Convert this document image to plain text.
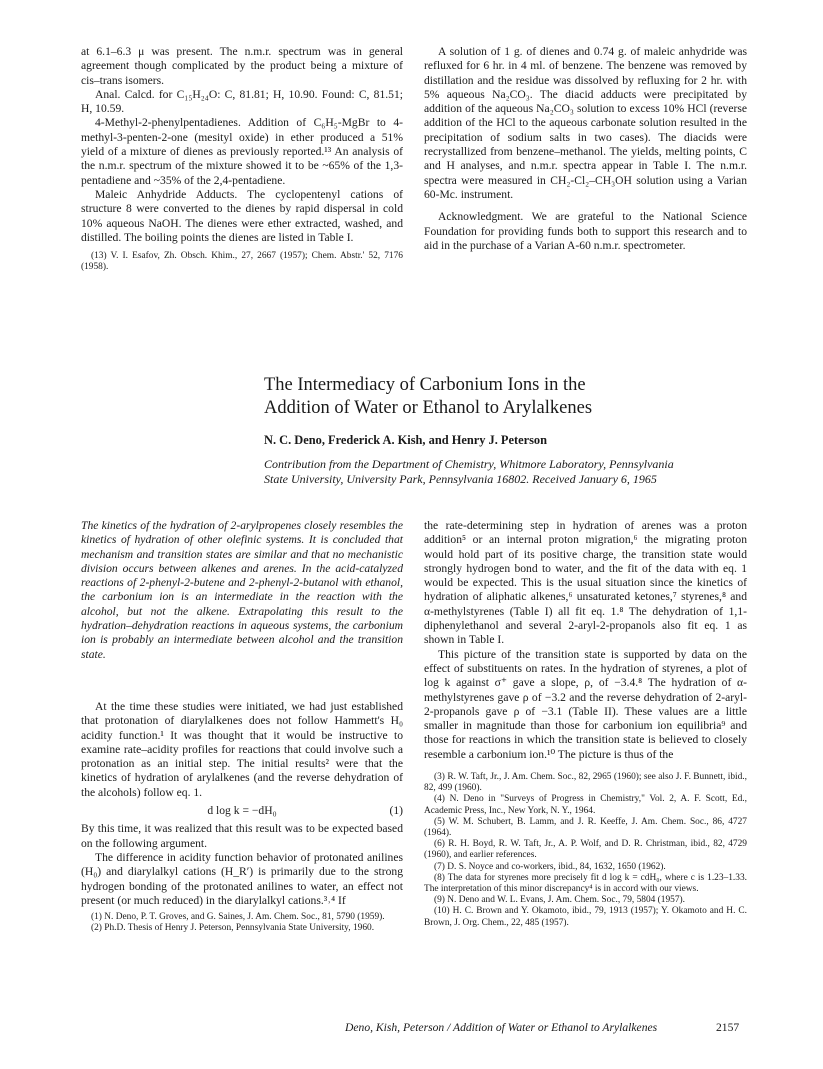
at 6.1–6.3 μ was present. The n.m.r. spectrum was in general agreement though complicated by the product being a mixture of cis–trans isomers.

Anal. Calcd. for C₁₅H₂₄O: C, 81.81; H, 10.90. Found: C, 81.51; H, 10.59.

4-Methyl-2-phenylpentadienes. Addition of C₆H₅-MgBr to 4-methyl-3-penten-2-one (mesityl oxide) in ether produced a 51% yield of a mixture of dienes as previously reported.¹³ An analysis of the n.m.r. spectrum of the mixture showed it to be ~65% of the 1,3-pentadiene and ~35% of the 2,4-pentadiene.

Maleic Anhydride Adducts. The cyclopentenyl cations of structure 8 were converted to the dienes by rapid dispersal in cold 10% aqueous NaOH. The dienes were ether extracted, washed, and distilled. The boiling points the dienes are listed in Table I.

(13) V. I. Esafov, Zh. Obsch. Khim., 27, 2667 (1957); Chem. Abstr.' 52, 7176 (1958).

A solution of 1 g. of dienes and 0.74 g. of maleic anhydride was refluxed for 6 hr. in 4 ml. of benzene. The benzene was removed by distillation and the residue was dissolved by refluxing for 2 hr. with 5% aqueous Na₂CO₃. The diacid adducts were precipitated by addition of the aqueous Na₂CO₃ solution to excess 10% HCl (reverse addition of the HCl to the aqueous carbonate solution resulted in the precipitation of sodium salts in two cases). The diacids were recrystallized from benzene–methanol. The yields, melting points, C and H analyses, and n.m.r. spectra appear in Table I. The n.m.r. spectra were measured in CH₂-Cl₂–CH₃OH solution using a Varian 60-Mc. instrument.

Acknowledgment. We are grateful to the National Science Foundation for providing funds both to support this research and to aid in the purchase of a Varian A-60 n.m.r. spectrometer.

The Intermediacy of Carbonium Ions in the
Addition of Water or Ethanol to Arylalkenes
N. C. Deno, Frederick A. Kish, and Henry J. Peterson
Contribution from the Department of Chemistry, Whitmore Laboratory, Pennsylvania
State University, University Park, Pennsylvania 16802. Received January 6, 1965
The kinetics of the hydration of 2-arylpropenes closely resembles the kinetics of hydration of other olefinic systems. It is concluded that mechanism and transition states are similar and that no mechanistic division occurs between alkenes and arenes. In the acid-catalyzed reactions of 2-phenyl-2-butene and 2-phenyl-2-butanol with ethanol, the carbonium ion is an intermediate in the reaction with the alcohol, but not the alkene. Extrapolating this result to the hydration–dehydration reactions in aqueous systems, the carbonium ion is probably an intermediate between alcohol and the transition state.

At the time these studies were initiated, we had just established that protonation of diarylalkenes does not follow Hammett's H₀ acidity function.¹ It was thought that it would be instructive to examine rate–acidity profiles for reactions that could involve such a protonation as an initial step. The initial results² were that the kinetics of hydration of arylalkenes (and the reverse dehydration of the alcohols) follow eq. 1.

d log k = −dH₀	(1)

By this time, it was realized that this result was to be expected based on the following argument.

The difference in acidity function behavior of protonated anilines (H₀) and diarylalkyl cations (H_R′) is primarily due to the strong hydrogen bonding of the protonated anilines to water, an effect not present (or much reduced) in the diarylalkyl cations.³˒⁴ If

(1) N. Deno, P. T. Groves, and G. Saines, J. Am. Chem. Soc., 81, 5790 (1959).

(2) Ph.D. Thesis of Henry J. Peterson, Pennsylvania State University, 1960.

the rate-determining step in hydration of arenes was a proton addition⁵ or an internal proton migration,⁶ the migrating proton would hold part of its positive charge, the transition state would strongly hydrogen bond to water, and the fit of the data with eq. 1 would be expected. This is the usual situation since the kinetics of hydration of aliphatic alkenes,⁶ unsaturated ketones,⁷ styrenes,⁸ and α-methylstyrenes (Table I) all fit eq. 1.⁸ The dehydration of 1,1-diphenylethanol and several 2-aryl-2-propanols also fit eq. 1 as shown in Table I.

This picture of the transition state is supported by data on the effect of substituents on rates. In the hydration of styrenes, a plot of log k against σ⁺ gave a slope, ρ, of −3.4.⁸ The hydration of α-methylstyrenes gave ρ of −3.2 and the reverse dehydration of 2-aryl-2-propanols gave ρ of −3.1 (Table II). These values are a little smaller in magnitude than those for carbonium ion equilibria⁹ and those for reactions in which the transition state is believed to closely resemble a carbonium ion.¹⁰ The picture is thus of the

(3) R. W. Taft, Jr., J. Am. Chem. Soc., 82, 2965 (1960); see also J. F. Bunnett, ibid., 82, 499 (1960).

(4) N. Deno in "Surveys of Progress in Chemistry," Vol. 2, A. F. Scott, Ed., Academic Press, Inc., New York, N. Y., 1964.

(5) W. M. Schubert, B. Lamm, and J. R. Keeffe, J. Am. Chem. Soc., 86, 4727 (1964).

(6) R. H. Boyd, R. W. Taft, Jr., A. P. Wolf, and D. R. Christman, ibid., 82, 4729 (1960), and earlier references.

(7) D. S. Noyce and co-workers, ibid., 84, 1632, 1650 (1962).

(8) The data for styrenes more precisely fit d log k = cdH₀, where c is 1.23–1.33. The interpretation of this minor discrepancy⁴ is in accord with our views.

(9) N. Deno and W. L. Evans, J. Am. Chem. Soc., 79, 5804 (1957).

(10) H. C. Brown and Y. Okamoto, ibid., 79, 1913 (1957); Y. Okamoto and H. C. Brown, J. Org. Chem., 22, 485 (1957).

Deno, Kish, Peterson / Addition of Water or Ethanol to Arylalkenes	2157
